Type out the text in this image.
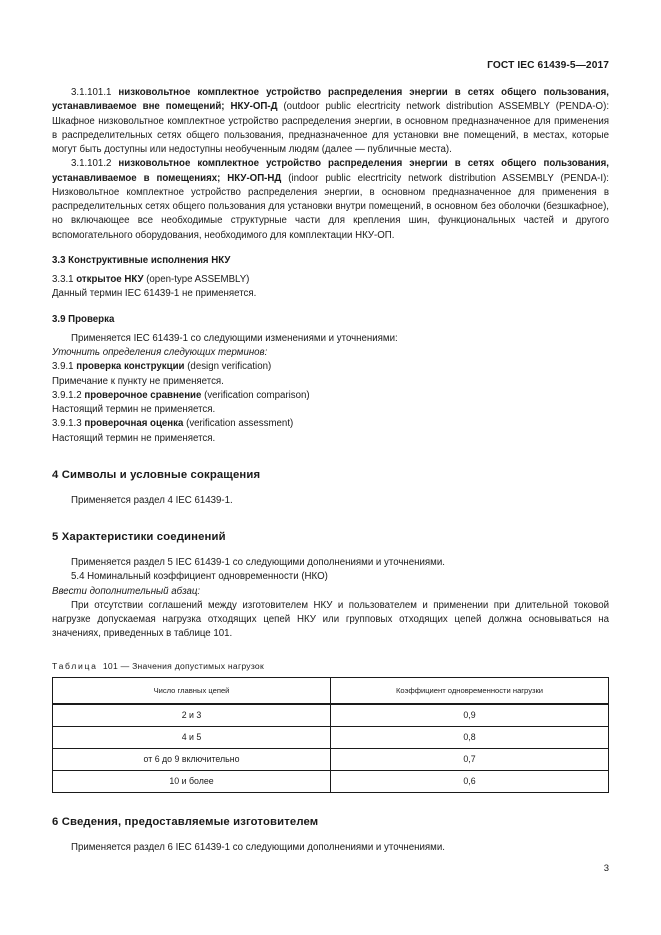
ГОСТ IEC 61439-5—2017

3.1.101.1 низковольтное комплектное устройство распределения энергии в сетях общего пользования, устанавливаемое вне помещений; НКУ-ОП-Д (outdoor public elecrtricity network distribution ASSEMBLY (PENDA-O): Шкафное низковольтное комплектное устройство распределения энергии, в основном предназначенное для применения в распределительных сетях общего пользования, предназначенное для установки вне помещений, в местах, которые могут быть доступны или недоступны необученным людям (далее — публичные места).

3.1.101.2 низковольтное комплектное устройство распределения энергии в сетях общего пользования, устанавливаемое в помещениях; НКУ-ОП-НД (indoor public elecrtricity network distribution ASSEMBLY (PENDA-I): Низковольтное комплектное устройство распределения энергии, в основном предназначенное для применения в распределительных сетях общего пользования для установки внутри помещений, в основном без оболочки (безшкафное), но включающее все необходимые структурные части для крепления шин, функциональных частей и другого вспомогательного оборудования, необходимого для комплектации НКУ-ОП.

3.3 Конструктивные исполнения НКУ

3.3.1 открытое НКУ (open-type ASSEMBLY)

Данный термин IEC 61439-1 не применяется.

3.9 Проверка

Применяется IEC 61439-1 со следующими изменениями и уточнениями:

Уточнить определения следующих терминов:

3.9.1 проверка конструкции (design verification)

Примечание к пункту не применяется.

3.9.1.2 проверочное сравнение (verification comparison)

Настоящий термин не применяется.

3.9.1.3 проверочная оценка (verification assessment)

Настоящий термин не применяется.

4 Символы и условные сокращения

Применяется раздел 4 IEC 61439-1.

5 Характеристики соединений

Применяется раздел 5 IEC 61439-1 со следующими дополнениями и уточнениями.

5.4 Номинальный коэффициент одновременности (НКО)

Ввести дополнительный абзац:

При отсутствии соглашений между изготовителем НКУ и пользователем и применении при длительной токовой нагрузке допускаемая нагрузка отходящих цепей НКУ или групповых отходящих цепей должна основываться на значениях, приведенных в таблице 101.

Таблица 101 — Значения допустимых нагрузок
Число главных цепей	Коэффициент одновременности нагрузки
2 и 3	0,9
4 и 5	0,8
от 6 до 9 включительно	0,7
10 и более	0,6
6 Сведения, предоставляемые изготовителем

Применяется раздел 6 IEC 61439-1 со следующими дополнениями и уточнениями.

3
